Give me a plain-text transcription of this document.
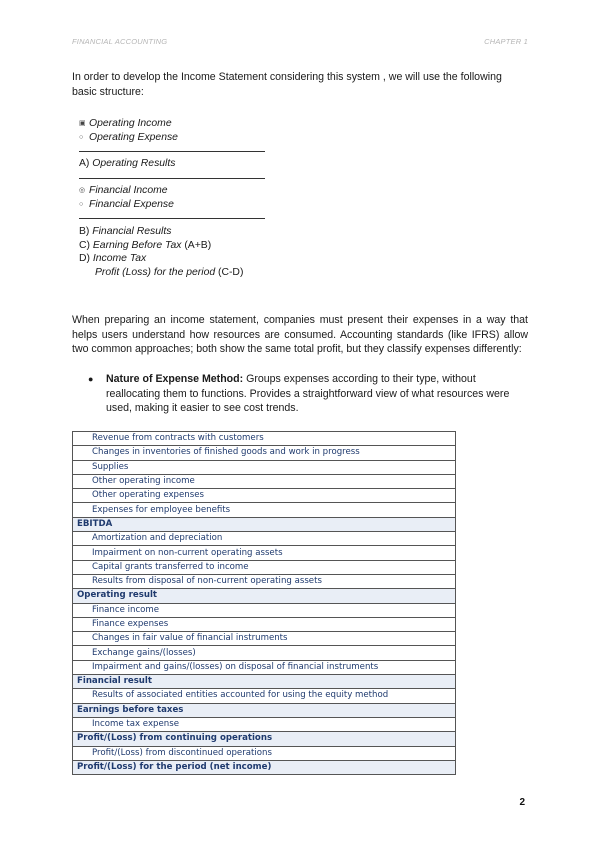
FINANCIAL ACCOUNTING	CHAPTER 1
In order to develop the Income Statement considering this system , we will use the following basic structure:
▣ Operating Income
○ Operating Expense
A) Operating Results
◎ Financial Income
○ Financial Expense
B) Financial Results
C) Earning Before Tax (A+B)
D) Income Tax
Profit (Loss) for the period (C-D)
When preparing an income statement, companies must present their expenses in a way that helps users understand how resources are consumed. Accounting standards (like IFRS) allow two common approaches; both show the same total profit, but they classify expenses differently:
● Nature of Expense Method: Groups expenses according to their type, without reallocating them to functions. Provides a straightforward view of what resources were used, making it easier to see cost trends.
Revenue from contracts with customers
Changes in inventories of finished goods and work in progress
Supplies
Other operating income
Other operating expenses
Expenses for employee benefits
EBITDA
Amortization and depreciation
Impairment on non-current operating assets
Capital grants transferred to income
Results from disposal of non-current operating assets
Operating result
Finance income
Finance expenses
Changes in fair value of financial instruments
Exchange gains/(losses)
Impairment and gains/(losses) on disposal of financial instruments
Financial result
Results of associated entities accounted for using the equity method
Earnings before taxes
Income tax expense
Profit/(Loss) from continuing operations
Profit/(Loss) from discontinued operations
Profit/(Loss) for the period (net income)
2
